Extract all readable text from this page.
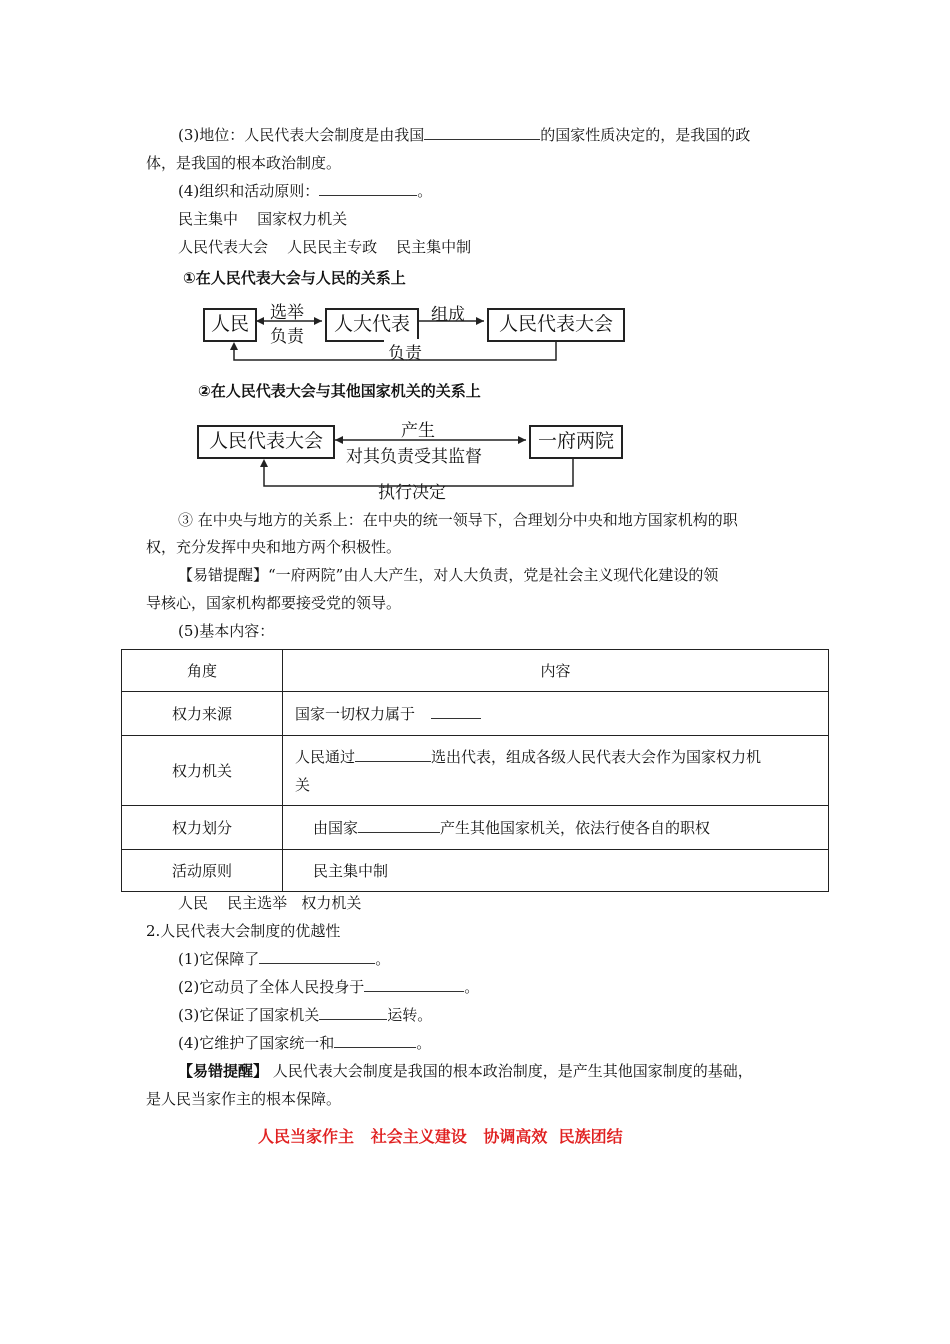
(3)地位：人民代表大会制度是由我国	的国家性质决定的，是我国的政
体，是我国的根本政治制度。
(4)组织和活动原则：	。
民主集中    国家权力机关
人民代表大会    人民民主专政    民主集中制
①在人民代表大会与人民的关系上
人民	人大代表	人民代表大会
选举
负责
组成
负责
②在人民代表大会与其他国家机关的关系上
人民代表大会	一府两院
产生
对其负责受其监督
执行决定
③ 在中央与地方的关系上：在中央的统一领导下，合理划分中央和地方国家机构的职
权，充分发挥中央和地方两个积极性。
【易错提醒】“一府两院”由人大产生，对人大负责，党是社会主义现代化建设的领
导核心，国家机构都要接受党的领导。
(5)基本内容：
角度	内容
权力来源	国家一切权力属于
权力机关	人民通过 选出代表，组成各级人民代表大会作为国家权力机
关
权力划分	由国家 产生其他国家机关，依法行使各自的职权
活动原则	民主集中制
人民    民主选举   权力机关
2.人民代表大会制度的优越性
(1)它保障了	。
(2)它动员了全体人民投身于	。
(3)它保证了国家机关	运转。
(4)它维护了国家统一和	。
【易错提醒】 人民代表大会制度是我国的根本政治制度，是产生其他国家制度的基础，
是人民当家作主的根本保障。
人民当家作主   社会主义建设   协调高效  民族团结
